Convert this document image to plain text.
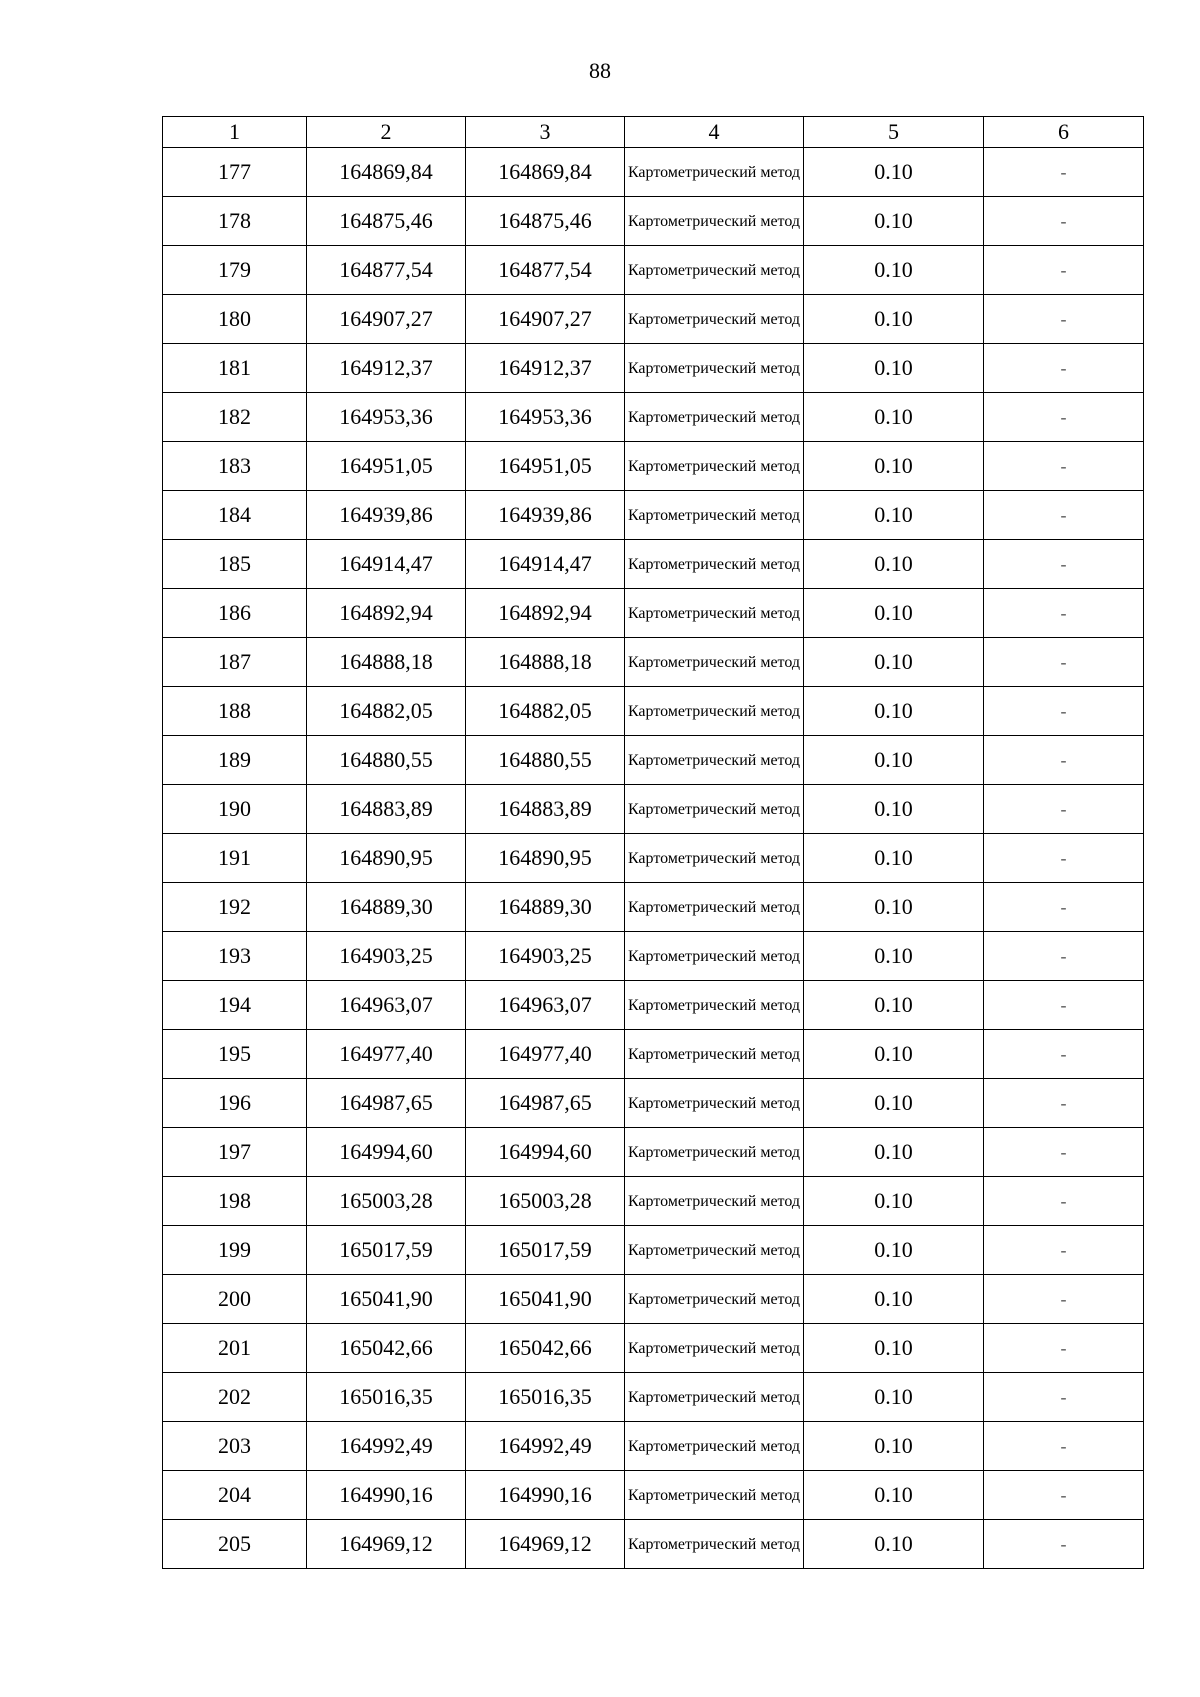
88
1	2	3	4	5	6
177	164869,84	164869,84	Картометрический метод	0.10	-
178	164875,46	164875,46	Картометрический метод	0.10	-
179	164877,54	164877,54	Картометрический метод	0.10	-
180	164907,27	164907,27	Картометрический метод	0.10	-
181	164912,37	164912,37	Картометрический метод	0.10	-
182	164953,36	164953,36	Картометрический метод	0.10	-
183	164951,05	164951,05	Картометрический метод	0.10	-
184	164939,86	164939,86	Картометрический метод	0.10	-
185	164914,47	164914,47	Картометрический метод	0.10	-
186	164892,94	164892,94	Картометрический метод	0.10	-
187	164888,18	164888,18	Картометрический метод	0.10	-
188	164882,05	164882,05	Картометрический метод	0.10	-
189	164880,55	164880,55	Картометрический метод	0.10	-
190	164883,89	164883,89	Картометрический метод	0.10	-
191	164890,95	164890,95	Картометрический метод	0.10	-
192	164889,30	164889,30	Картометрический метод	0.10	-
193	164903,25	164903,25	Картометрический метод	0.10	-
194	164963,07	164963,07	Картометрический метод	0.10	-
195	164977,40	164977,40	Картометрический метод	0.10	-
196	164987,65	164987,65	Картометрический метод	0.10	-
197	164994,60	164994,60	Картометрический метод	0.10	-
198	165003,28	165003,28	Картометрический метод	0.10	-
199	165017,59	165017,59	Картометрический метод	0.10	-
200	165041,90	165041,90	Картометрический метод	0.10	-
201	165042,66	165042,66	Картометрический метод	0.10	-
202	165016,35	165016,35	Картометрический метод	0.10	-
203	164992,49	164992,49	Картометрический метод	0.10	-
204	164990,16	164990,16	Картометрический метод	0.10	-
205	164969,12	164969,12	Картометрический метод	0.10	-
